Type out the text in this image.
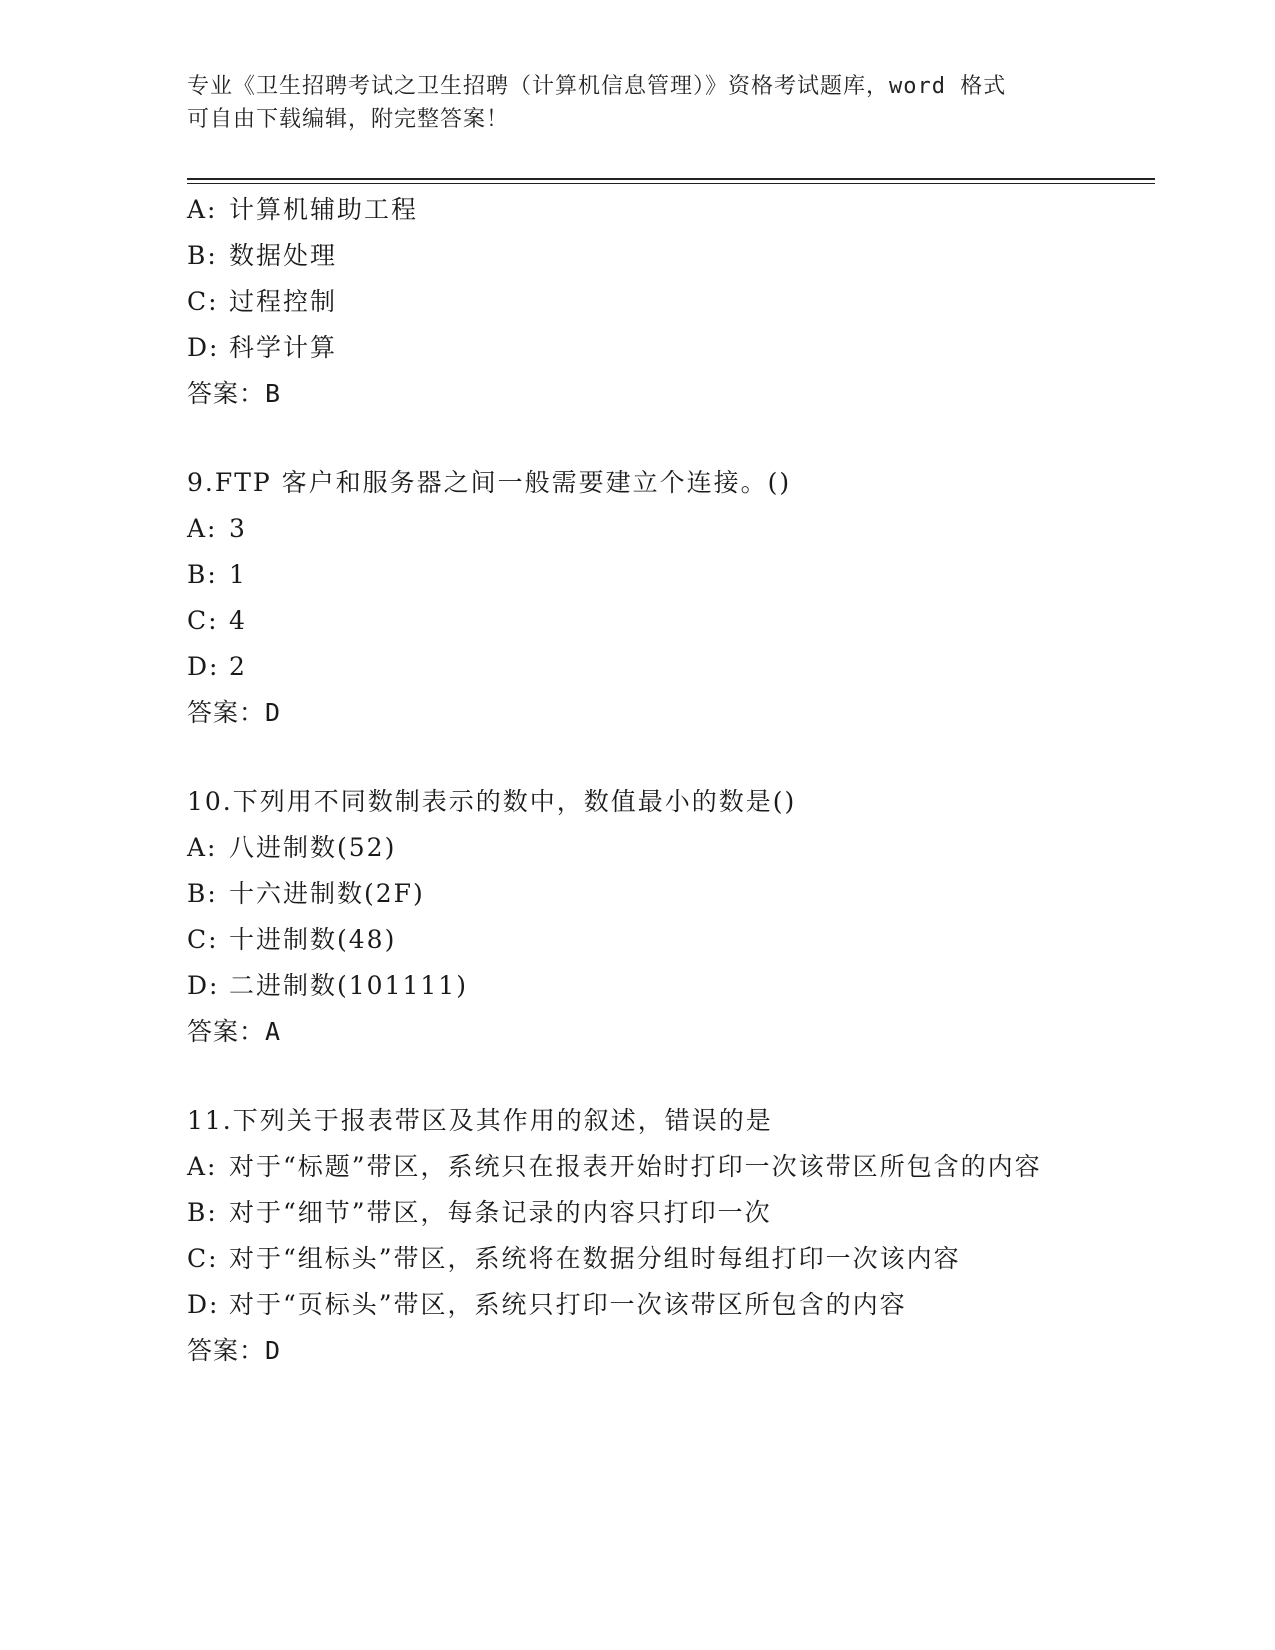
专业《卫生招聘考试之卫生招聘（计算机信息管理）》资格考试题库，word 格式
可自由下载编辑，附完整答案！
A: 计算机辅助工程
B: 数据处理
C: 过程控制
D: 科学计算
答案：B
9.FTP 客户和服务器之间一般需要建立个连接。()
A: 3
B: 1
C: 4
D: 2
答案：D
10.下列用不同数制表示的数中，数值最小的数是()
A: 八进制数(52)
B: 十六进制数(2F)
C: 十进制数(48)
D: 二进制数(101111)
答案：A
11.下列关于报表带区及其作用的叙述，错误的是
A: 对于“标题”带区，系统只在报表开始时打印一次该带区所包含的内容
B: 对于“细节”带区，每条记录的内容只打印一次
C: 对于“组标头”带区，系统将在数据分组时每组打印一次该内容
D: 对于“页标头”带区，系统只打印一次该带区所包含的内容
答案：D
